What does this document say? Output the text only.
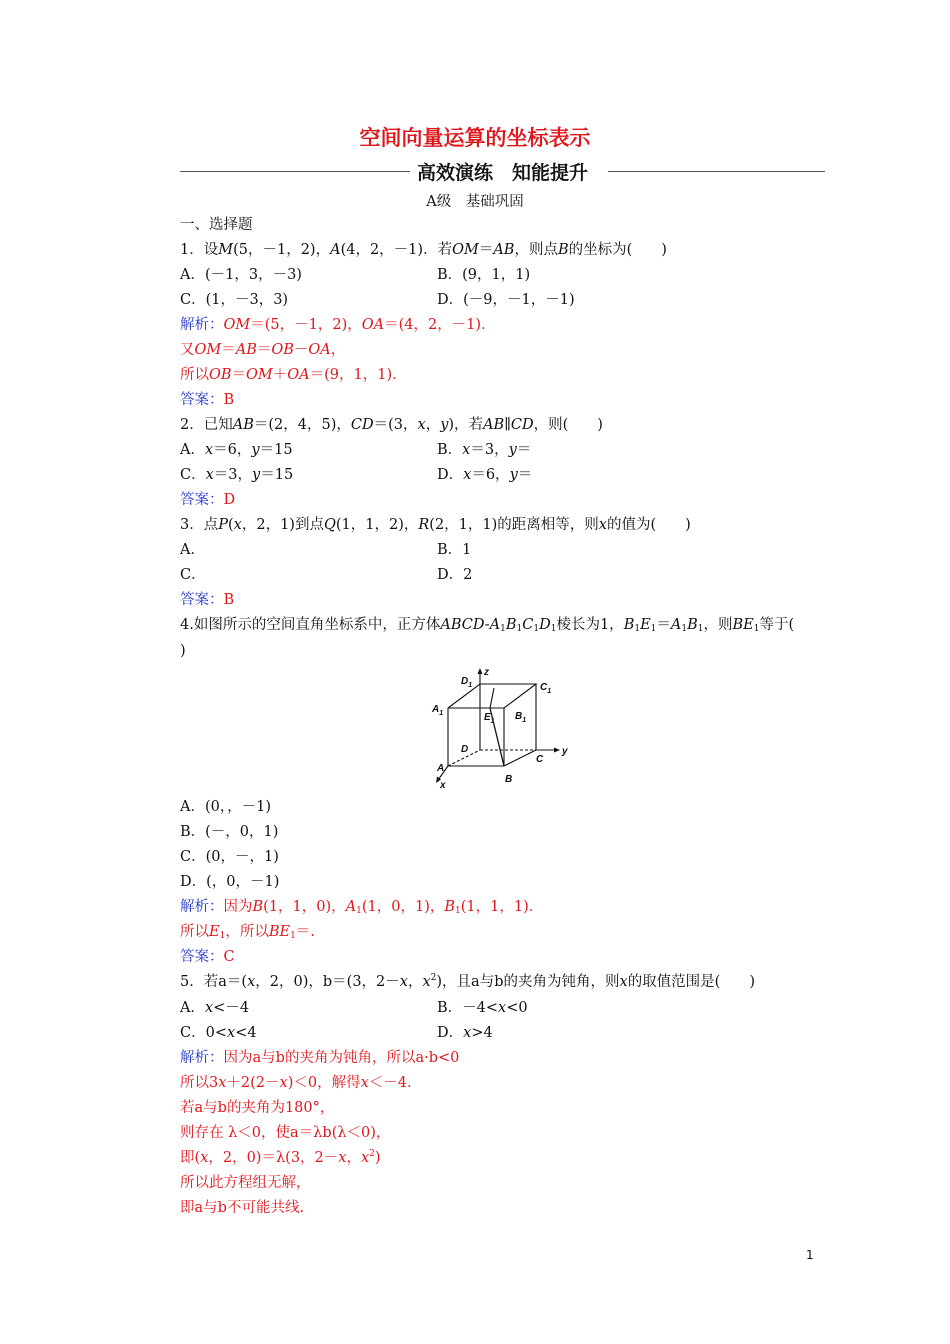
空间向量运算的坐标表示
高效演练　知能提升
A级　基础巩固
一、选择题
1．设M(5，－1，2)，A(4，2，－1)．若OM＝AB，则点B的坐标为(　　)
A．(－1，3，－3)	B．(9，1，1)
C．(1，－3，3)	D．(－9，－1，－1)
解析：OM＝(5，－1，2)，OA＝(4，2，－1)．
又OM＝AB＝OB－OA，
所以OB＝OM＋OA＝(9，1，1)．
答案：B
2．已知AB＝(2，4，5)，CD＝(3，x，y)，若AB∥CD，则(　　)
A．x＝6，y＝15	B．x＝3，y＝
C．x＝3，y＝15	D．x＝6，y＝
答案：D
3．点P(x，2，1)到点Q(1，1，2)，R(2，1，1)的距离相等，则x的值为(　　)
A．	B．1
C．	D．2
答案：B
4.如图所示的空间直角坐标系中，正方体ABCD-$A_1B_1C_1D_1$棱长为1，$B_1E_1=A_1B_1$，则$BE_1$等于(
)
$D_1$
z
$C_1$
$A_1$	$E_1$ $B_1$
D	y
C
A
x
B
A．(0，，－1)
B．(－，0，1)
C．(0，－，1)
D．(，0，－1)
解析：因为B(1，1，0)，$A_1(1$，0，1)，$B_1(1$，1，1)．
所以$E_1$，所以$BE_1=$.
答案：C
5．若a＝(x，2，0)，b＝(3，2－x，$x^2$)，且a与b的夹角为钝角，则x的取值范围是(　　)
A．x<－4	B．－4<x<0
C．0<x<4	D．x>4
解析：因为a与b的夹角为钝角，所以a·b<0
所以3x＋2(2－x)＜0，解得x＜－4.
若a与b的夹角为180°，
则存在 λ＜0，使a＝λb(λ＜0)，
即(x，2，0)＝λ(3，2－x，$x^2$)
所以此方程组无解，
即a与b不可能共线.
1
